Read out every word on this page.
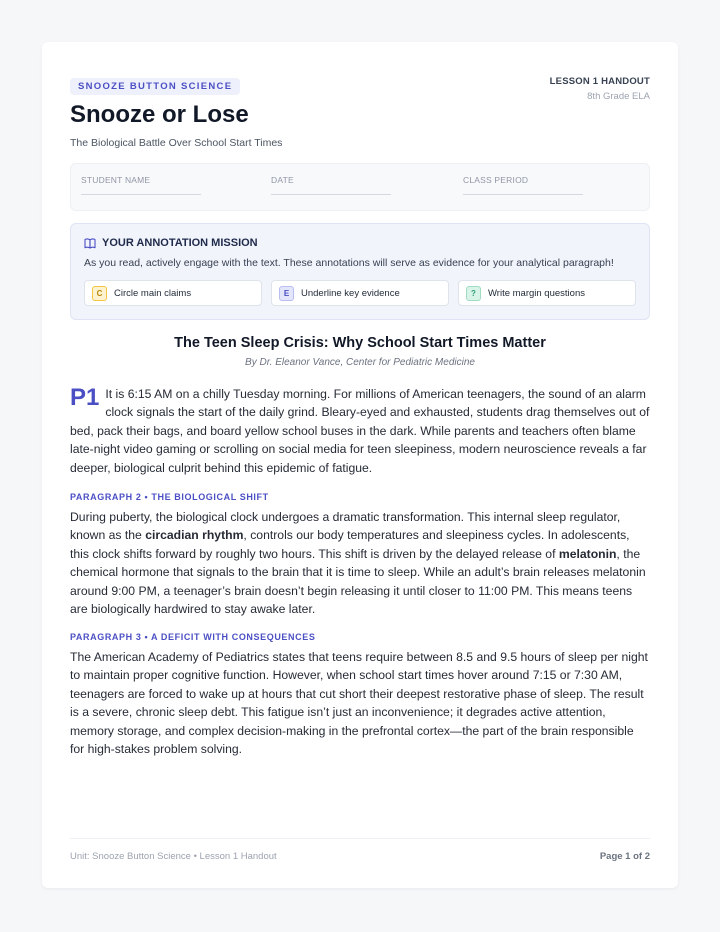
SNOOZE BUTTON SCIENCE
Snooze or Lose
The Biological Battle Over School Start Times
LESSON 1 HANDOUT
8th Grade ELA
STUDENT NAME	DATE	CLASS PERIOD
YOUR ANNOTATION MISSION
As you read, actively engage with the text. These annotations will serve as evidence for your analytical paragraph!
C	Circle main claims	E	Underline key evidence	?	Write margin questions
The Teen Sleep Crisis: Why School Start Times Matter
By Dr. Eleanor Vance, Center for Pediatric Medicine
P1 It is 6:15 AM on a chilly Tuesday morning. For millions of American teenagers, the sound of an alarm clock signals the start of the daily grind. Bleary-eyed and exhausted, students drag themselves out of bed, pack their bags, and board yellow school buses in the dark. While parents and teachers often blame late-night video gaming or scrolling on social media for teen sleepiness, modern neuroscience reveals a far deeper, biological culprit behind this epidemic of fatigue.

PARAGRAPH 2 • THE BIOLOGICAL SHIFT

During puberty, the biological clock undergoes a dramatic transformation. This internal sleep regulator, known as the circadian rhythm, controls our body temperatures and sleepiness cycles. In adolescents, this clock shifts forward by roughly two hours. This shift is driven by the delayed release of melatonin, the chemical hormone that signals to the brain that it is time to sleep. While an adult’s brain releases melatonin around 9:00 PM, a teenager’s brain doesn’t begin releasing it until closer to 11:00 PM. This means teens are biologically hardwired to stay awake later.

PARAGRAPH 3 • A DEFICIT WITH CONSEQUENCES

The American Academy of Pediatrics states that teens require between 8.5 and 9.5 hours of sleep per night to maintain proper cognitive function. However, when school start times hover around 7:15 or 7:30 AM, teenagers are forced to wake up at hours that cut short their deepest restorative phase of sleep. The result is a severe, chronic sleep debt. This fatigue isn’t just an inconvenience; it degrades active attention, memory storage, and complex decision-making in the prefrontal cortex—the part of the brain responsible for high-stakes problem solving.

Unit: Snooze Button Science • Lesson 1 Handout	Page 1 of 2
